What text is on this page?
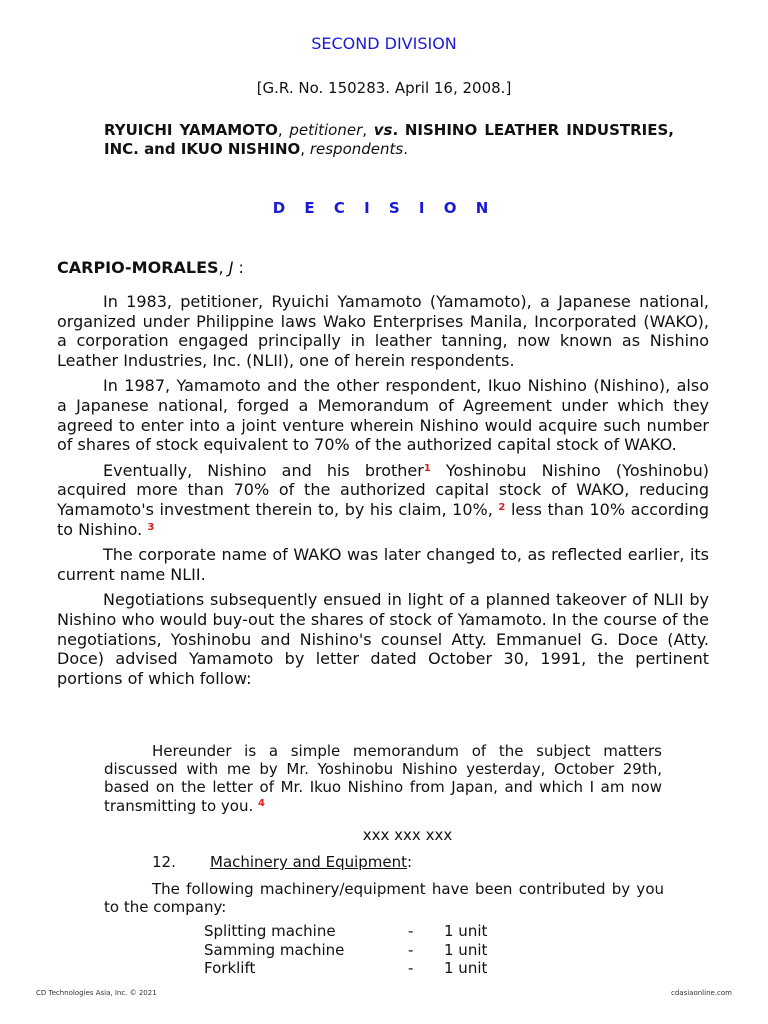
SECOND DIVISION
[G.R. No. 150283. April 16, 2008.]
RYUICHI YAMAMOTO, petitioner, vs. NISHINO LEATHER INDUSTRIES, INC. and IKUO NISHINO, respondents.
D E C I S I O N
CARPIO-MORALES, J :

In 1983, petitioner, Ryuichi Yamamoto (Yamamoto), a Japanese national, organized under Philippine laws Wako Enterprises Manila, Incorporated (WAKO), a corporation engaged principally in leather tanning, now known as Nishino Leather Industries, Inc. (NLII), one of herein respondents.

In 1987, Yamamoto and the other respondent, Ikuo Nishino (Nishino), also a Japanese national, forged a Memorandum of Agreement under which they agreed to enter into a joint venture wherein Nishino would acquire such number of shares of stock equivalent to 70% of the authorized capital stock of WAKO.

Eventually, Nishino and his brother$^1$ Yoshinobu Nishino (Yoshinobu) acquired more than 70% of the authorized capital stock of WAKO, reducing Yamamoto's investment therein to, by his claim, 10%, $^2$ less than 10% according to Nishino. $^3$

The corporate name of WAKO was later changed to, as reflected earlier, its current name NLII.

Negotiations subsequently ensued in light of a planned takeover of NLII by Nishino who would buy-out the shares of stock of Yamamoto. In the course of the negotiations, Yoshinobu and Nishino's counsel Atty. Emmanuel G. Doce (Atty. Doce) advised Yamamoto by letter dated October 30, 1991, the pertinent portions of which follow:

Hereunder is a simple memorandum of the subject matters discussed with me by Mr. Yoshinobu Nishino yesterday, October 29th, based on the letter of Mr. Ikuo Nishino from Japan, and which I am now transmitting to you. $^4$

xxx xxx xxx
12. Machinery and Equipment:

The following machinery/equipment have been contributed by you to the company:

Splitting machine	-	1 unit
Samming machine	-	1 unit
Forklift	-	1 unit
CD Technologies Asia, Inc. © 2021	cdasiaonline.com
